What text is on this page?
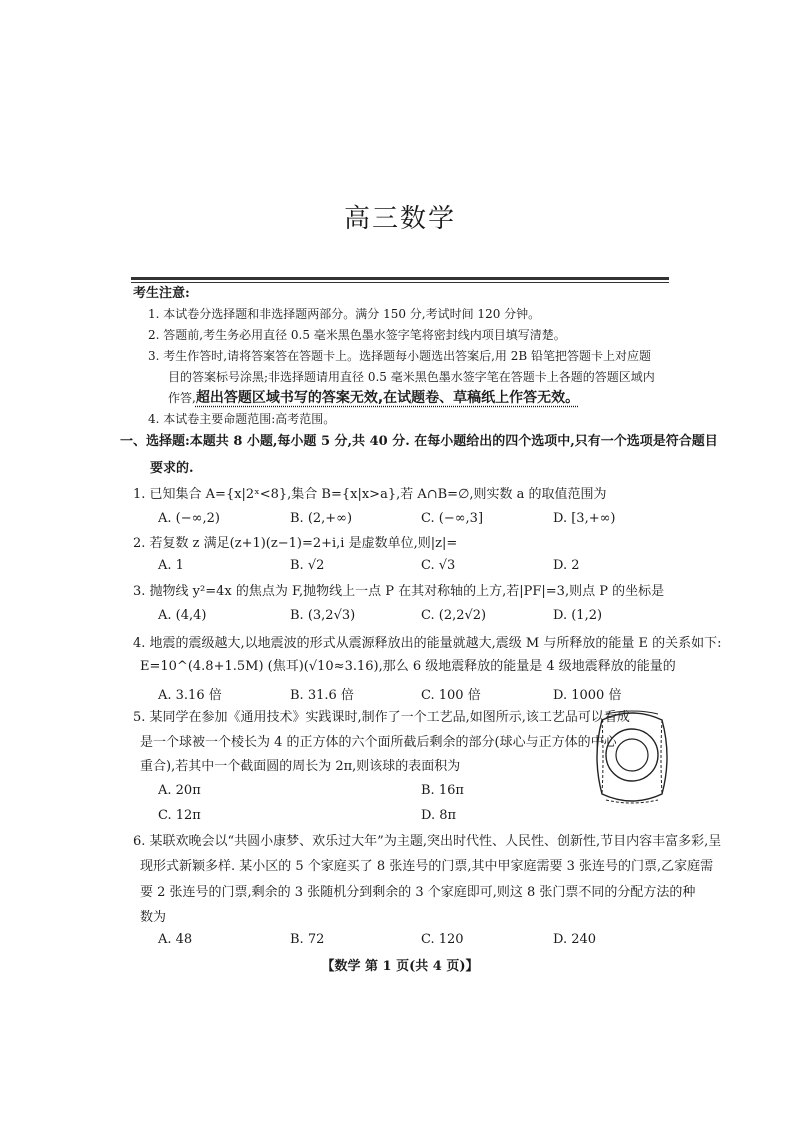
高三数学
考生注意:
1. 本试卷分选择题和非选择题两部分。满分 150 分,考试时间 120 分钟。
2. 答题前,考生务必用直径 0.5 毫米黑色墨水签字笔将密封线内项目填写清楚。
3. 考生作答时,请将答案答在答题卡上。选择题每小题选出答案后,用 2B 铅笔把答题卡上对应题
目的答案标号涂黑;非选择题请用直径 0.5 毫米黑色墨水签字笔在答题卡上各题的答题区域内
作答,超出答题区域书写的答案无效,在试题卷、草稿纸上作答无效。
4. 本试卷主要命题范围:高考范围。
一、选择题:本题共 8 小题,每小题 5 分,共 40 分. 在每小题给出的四个选项中,只有一个选项是符合题目
要求的.
1. 已知集合 A={x|2ˣ<8},集合 B={x|x>a},若 A∩B=∅,则实数 a 的取值范围为
A. (−∞,2)	B. (2,+∞)	C. (−∞,3]	D. [3,+∞)
2. 若复数 z 满足(z+1)(z−1)=2+i,i 是虚数单位,则|z|=
A. 1	B. √2	C. √3	D. 2
3. 抛物线 y²=4x 的焦点为 F,抛物线上一点 P 在其对称轴的上方,若|PF|=3,则点 P 的坐标是
A. (4,4)	B. (3,2√3)	C. (2,2√2)	D. (1,2)
4. 地震的震级越大,以地震波的形式从震源释放出的能量就越大,震级 M 与所释放的能量 E 的关系如下:
E=10^(4.8+1.5M) (焦耳)(√10≈3.16),那么 6 级地震释放的能量是 4 级地震释放的能量的
A. 3.16 倍	B. 31.6 倍	C. 100 倍	D. 1000 倍
5. 某同学在参加《通用技术》实践课时,制作了一个工艺品,如图所示,该工艺品可以看成
是一个球被一个棱长为 4 的正方体的六个面所截后剩余的部分(球心与正方体的中心
重合),若其中一个截面圆的周长为 2π,则该球的表面积为
A. 20π	B. 16π
C. 12π	D. 8π
6. 某联欢晚会以“共圆小康梦、欢乐过大年”为主题,突出时代性、人民性、创新性,节目内容丰富多彩,呈
现形式新颖多样. 某小区的 5 个家庭买了 8 张连号的门票,其中甲家庭需要 3 张连号的门票,乙家庭需
要 2 张连号的门票,剩余的 3 张随机分到剩余的 3 个家庭即可,则这 8 张门票不同的分配方法的种
数为
A. 48	B. 72	C. 120	D. 240
【数学 第 1 页(共 4 页)】
